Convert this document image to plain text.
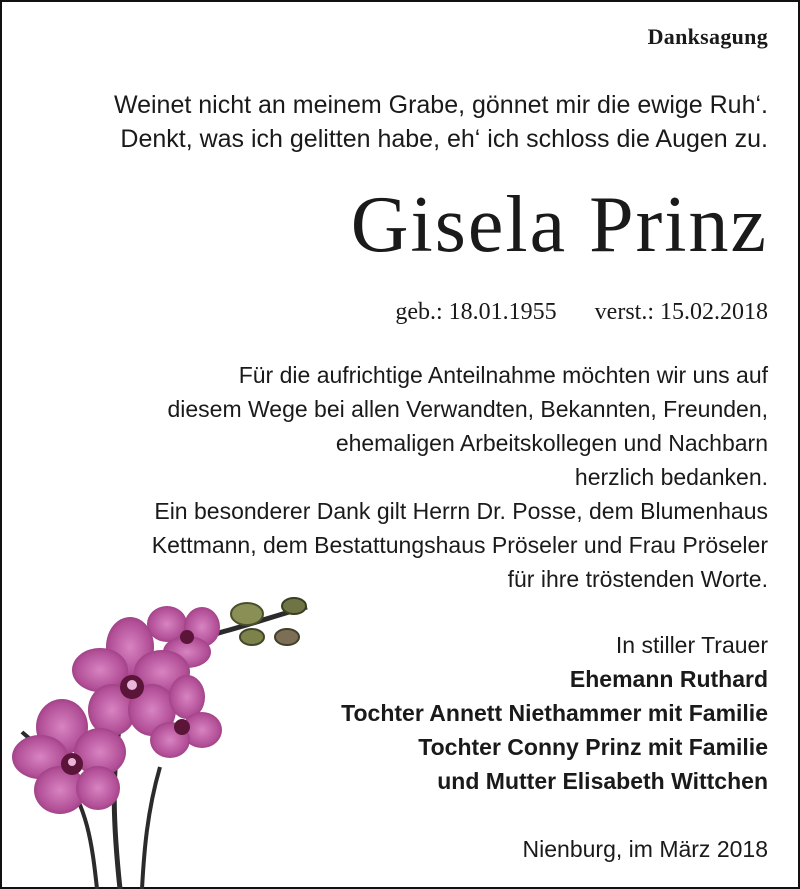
Danksagung
Weinet nicht an meinem Grabe, gönnet mir die ewige Ruh‘.
Denkt, was ich gelitten habe, eh‘ ich schloss die Augen zu.
Gisela Prinz
geb.: 18.01.1955 verst.: 15.02.2018
Für die aufrichtige Anteilnahme möchten wir uns auf
diesem Wege bei allen Verwandten, Bekannten, Freunden,
ehemaligen Arbeitskollegen und Nachbarn
herzlich bedanken.
Ein besonderer Dank gilt Herrn Dr. Posse, dem Blumenhaus
Kettmann, dem Bestattungshaus Pröseler und Frau Pröseler
für ihre tröstenden Worte.
In stiller Trauer
Ehemann Ruthard
Tochter Annett Niethammer mit Familie
Tochter Conny Prinz mit Familie
und Mutter Elisabeth Wittchen
Nienburg, im März 2018
